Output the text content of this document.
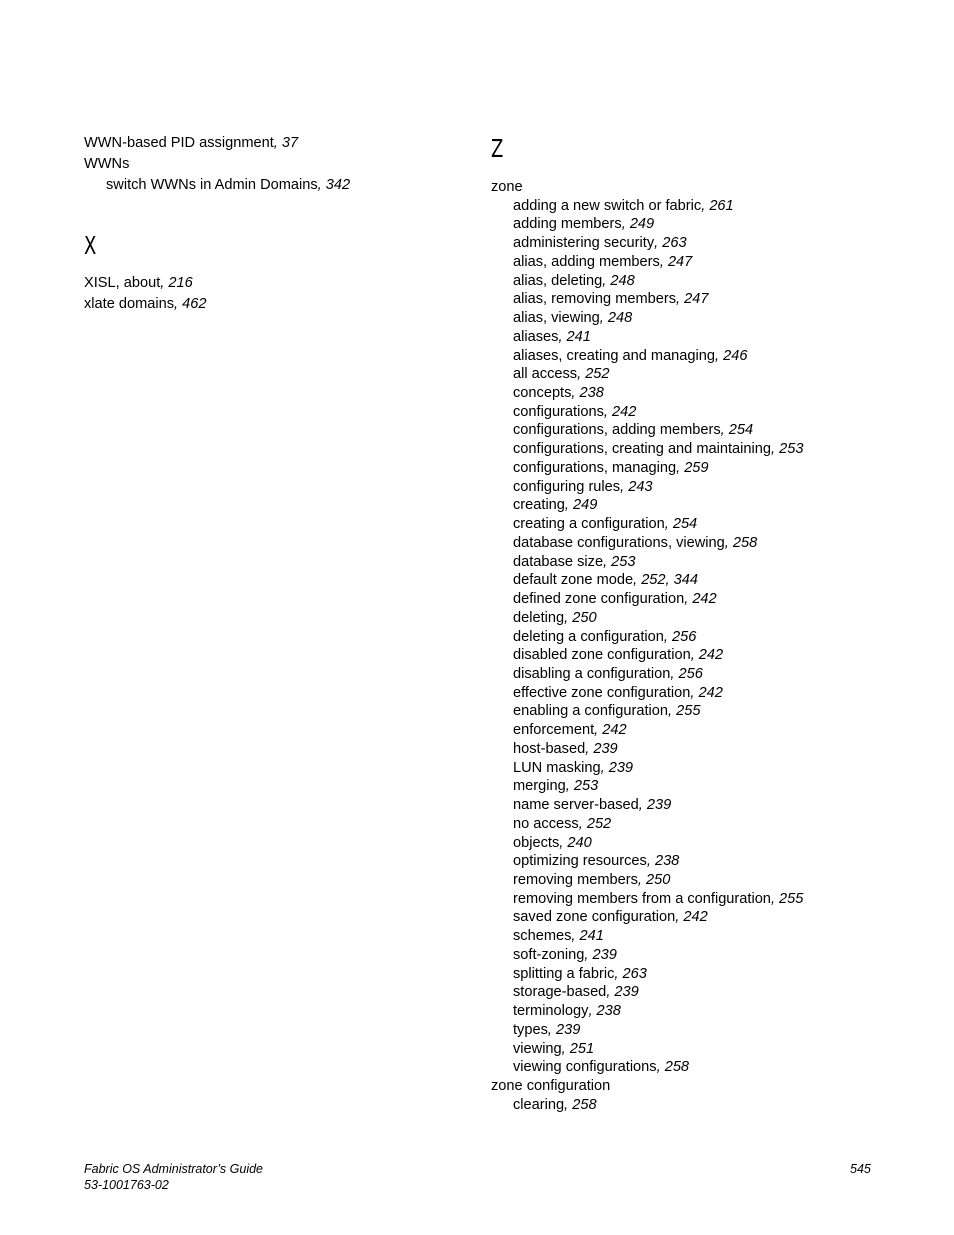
WWN-based PID assignment, 37
WWNs
switch WWNs in Admin Domains, 342
X
XISL, about, 216
xlate domains, 462
Z
zone
adding a new switch or fabric, 261
adding members, 249
administering security, 263
alias, adding members, 247
alias, deleting, 248
alias, removing members, 247
alias, viewing, 248
aliases, 241
aliases, creating and managing, 246
all access, 252
concepts, 238
configurations, 242
configurations, adding members, 254
configurations, creating and maintaining, 253
configurations, managing, 259
configuring rules, 243
creating, 249
creating a configuration, 254
database configurations, viewing, 258
database size, 253
default zone mode, 252, 344
defined zone configuration, 242
deleting, 250
deleting a configuration, 256
disabled zone configuration, 242
disabling a configuration, 256
effective zone configuration, 242
enabling a configuration, 255
enforcement, 242
host-based, 239
LUN masking, 239
merging, 253
name server-based, 239
no access, 252
objects, 240
optimizing resources, 238
removing members, 250
removing members from a configuration, 255
saved zone configuration, 242
schemes, 241
soft-zoning, 239
splitting a fabric, 263
storage-based, 239
terminology, 238
types, 239
viewing, 251
viewing configurations, 258
zone configuration
clearing, 258
Fabric OS Administrator’s Guide
53-1001763-02
545
